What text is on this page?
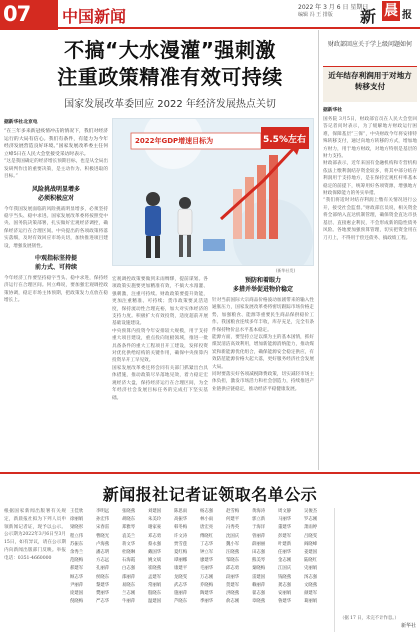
07 中国新闻	2022 年 3 月 6 日 星期日
编辑 冯 王 排版 新 晨 报
不搞“大水漫灌”强刺激
注重政策精准有效可持续
国家发展改革委回应 2022 年经济发展热点关切
据新华社北京电

“在三年多来新冠疫情冲击的情况下，我们对经济运行的大局有信心。我们有条件，有能力为今年经济发展营造良好环境。”国家发展改革委主任何立峰5日在人民大会堂接受采访时表示。

“这是我国确定的经济增长预期目标，也是从全局出发研判作出的重要决策，是主动作为、积极进取的目标。”

风险挑战明显增多
必须积极应对

今年我国发展面临的风险挑战明显增多，必须坚持稳字当头、稳中求进。国家发展改革委将按照党中央、国务院决策部署，扎实做好宏观经济调控，确保经济运行在合理区间。中央提出的各项政策将落实落细，及时有效回应市场关切，加快推进项目建设，增强发展韧性。

中观指标坚持提
前力式、可持续

今年经济工作要坚持稳字当头、稳中求进，保持经济运行在合理区间。何立峰说，要加强宏观调控政策协调，稳定市场主体预期，把政策发力点放在稳增长上。

2022年GDP增速目标为	5.5%左右
(新华社发)

宏观调控政策要做到未雨绸缪，提前谋划。各项政策实施要更加精准有效，不搞大水漫灌、强刺激，注重可持续。财政政策要提升效能，更加注重精准、可持续；货币政策要灵活适度，保持流动性合理充裕，加大对实体经济的支持力度。积极扩大有效投资，适度超前开展基础设施建设。

中央预算内投资今年安排较大规模，用于支持重大项目建设，重点投向短板领域，推进一批具备条件的重大工程项目开工建设，发挥投资对优化供给结构的关键作用，确保中央预算内投资早开工早见效。

国家发展改革委还将会同有关部门抓紧出台具体措施，推动政策尽早落地见效，着力稳定宏观经济大盘，保持经济运行在合理区间，为全年经济社会发展目标任务的完成打下坚实基础。

预防和着眼力
多措并举促进物价稳定

针对当前国际大宗商品价格波动加剧带来的输入性通胀压力，国家发展改革委将密切跟踪市场价格走势，加强粮食、能源等重要民生商品保供稳价工作。我国粮食连续多年丰收，库存充足，完全有条件保持物价总水平基本稳定。

能源方面，要坚持立足以煤为主的基本国情，抓好煤炭清洁高效利用，增加新能源消纳能力，推动煤炭和新能源优化组合，确保能源安全稳定供应，有效防范能源价格大起大落，更好服务经济社会发展大局。

同时要落实好各项减税降费政策，切实减轻市场主体负担，激发市场活力和社会创造力，持续推进产业链供应链稳定，推动经济平稳健康发展。

财政部回应关于学上级问题如何
近年结存利润用于对地方转移支付
据新华社

国务院 3月5日，财政部官员在人民大会堂回答记者问时表示，为了缓解地方财政运行困难，保障基层“三保”，中央财政今年将安排特殊转移支付，通过向地方转移的方式，增加地方财力，用于地方财政，对地方特别是基层的财力支持。

财政部表示，近年来国有金融机构和专营机构依法上缴利润结存资金较多，将其中部分结存利润用于支持地方，是在保持宏观杠杆率基本稳定的前提下，统筹用好各项资源，增强地方财政保障能力的务实举措。

“我们将适时对结存利润上缴有关情况进行公开，接受社会监督。”财政部官员说，相关资金将全部纳入直达机制管理，确保资金直达市县基层、直接惠企利民，不会形成新的隐性债务风险。各地要加强预算管理，切实把资金用在刀刃上，不得用于偿还债务、搞政绩工程。

新闻报社记者证领取名单公示

根据国家新闻出版署有关规定，新晨报社拟为下列人员申领新闻记者证，现予以公示。公示期为2022年3月6日至3月15日，如有异议，请在公示期内向新闻出版部门反映。举报电话：0351-4660000

王佳欣	李明远	张晓燕	刘建国	陈思雨	杨志强	赵雪梅	黄海涛	周文静	吴俊杰
徐丽娟	孙宏伟	胡晓东	朱美玲	高振华	林小雨	何建平	郭立新	马丽华	罗志刚
梁晓彤	宋春雷	郑雅琴	谢家豪	韩冬梅	唐宏亮	冯秀英	于海洋	董建华	萧雨婷
程立伟	曹晓光	袁美兰	邓志勇	许文涛	傅晓红	沈国庆	曾丽萍	彭建军	吕晓雯
苏振东	卢海燕	蒋文华	蔡永强	贾雪莲	丁志华	魏小军	薛丽丽	叶建新	阎晓峰
余秀兰	潘志明	杜晓琳	戴国华	夏红梅	钟立军	汪晓燕	田志强	任丽华	姜建国
范晓梅	方志远	石海霞	姚文斌	谭丽娜	廖建华	邹晓东	熊美琴	金志刚	陆晓红
郝建军	孔丽萍	白志强	崔晓燕	康建平	毛丽华	邱志勇	秦晓梅	江国庆	史丽娟
顾志华	侯晓东	邵丽萍	孟建军	龙晓雯	万志刚	段丽华	雷建国	钱晓燕	汤志强
尹丽萍	黎建华	易晓东	常丽娟	武志华	乔晓梅	贺建军	赖丽萍	龚志强	文晓燕
庞建国	樊丽华	兰志刚	殷晓东	施丽萍	陶建华	洪晓燕	翟志强	安丽娟	颜建军
倪晓梅	严志华	牛丽萍	温建国	芦晓东	季丽华	俞志刚	章晓燕	鲁建华	葛丽娟
（据 17 日，未完不计作息。）
新华社
